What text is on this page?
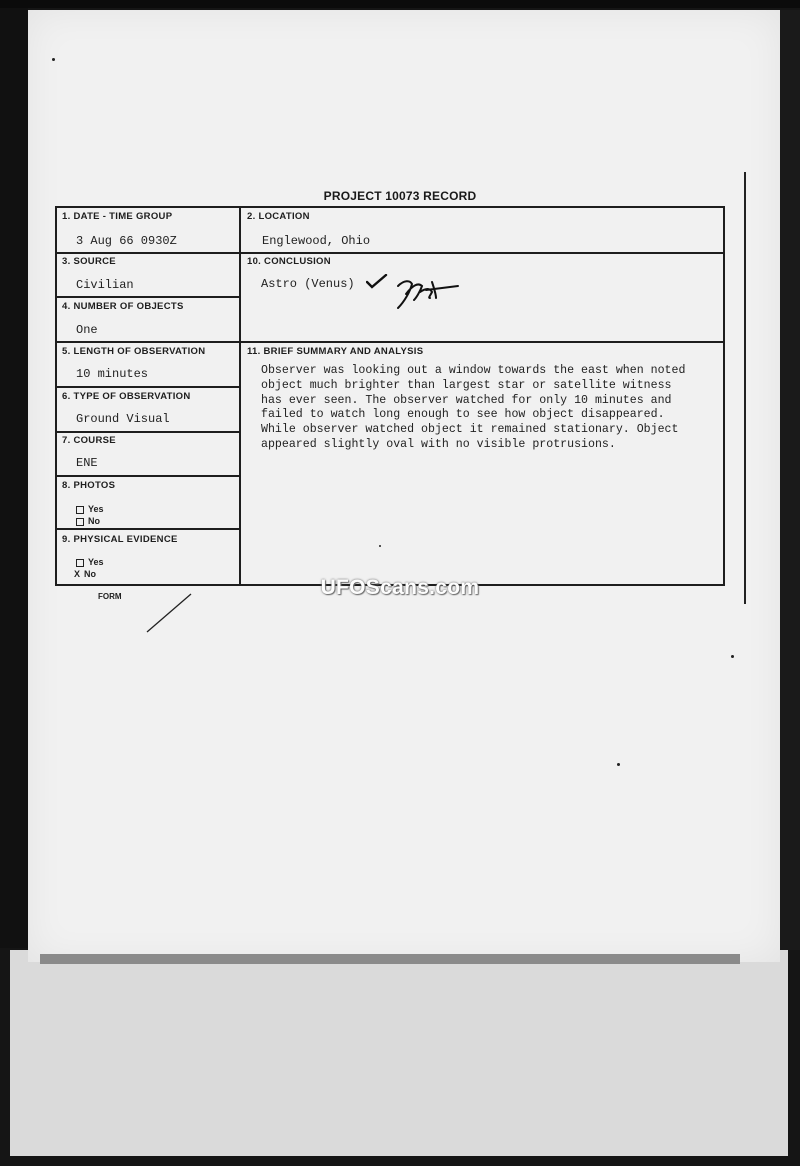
PROJECT 10073 RECORD
1. DATE - TIME GROUP
3 Aug 66 0930Z
2. LOCATION
Englewood, Ohio
3. SOURCE
Civilian
10. CONCLUSION
Astro (Venus)
4. NUMBER OF OBJECTS
One
5. LENGTH OF OBSERVATION
10 minutes
11. BRIEF SUMMARY AND ANALYSIS

Observer was looking out a window towards the east when noted

object much brighter than largest star or satellite witness

has ever seen. The observer watched for only 10 minutes and

failed to watch long enough to see how object disappeared.

While observer watched object it remained stationary. Object

appeared slightly oval with no visible protrusions.

6. TYPE OF OBSERVATION
Ground Visual
7. COURSE
ENE
8. PHOTOS
Yes
No
9. PHYSICAL EVIDENCE
Yes
X No
FORM	UFOScans.com
